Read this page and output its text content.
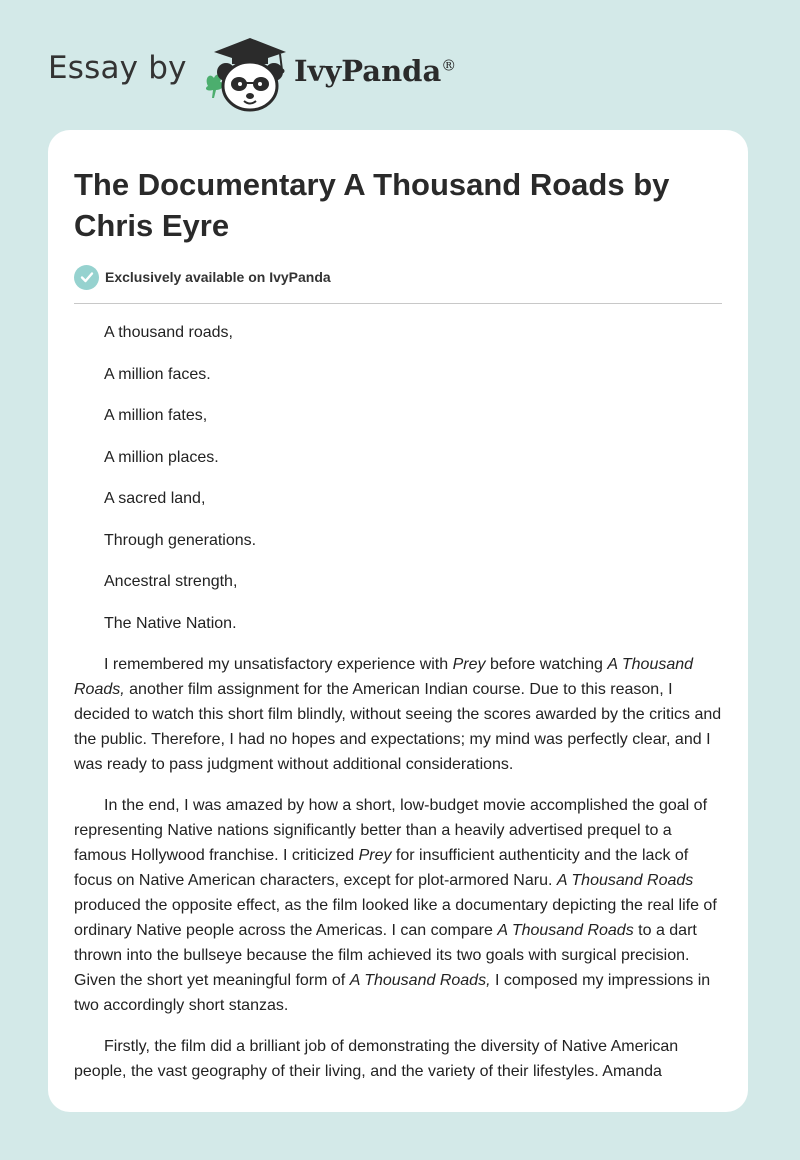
Essay by	IvyPanda®
The Documentary A Thousand Roads by Chris Eyre
Exclusively available on IvyPanda

A thousand roads,

A million faces.

A million fates,

A million places.

A sacred land,

Through generations.

Ancestral strength,

The Native Nation.

I remembered my unsatisfactory experience with Prey before watching A Thousand Roads, another film assignment for the American Indian course. Due to this reason, I decided to watch this short film blindly, without seeing the scores awarded by the critics and the public. Therefore, I had no hopes and expectations; my mind was perfectly clear, and I was ready to pass judgment without additional considerations.

In the end, I was amazed by how a short, low-budget movie accomplished the goal of representing Native nations significantly better than a heavily advertised prequel to a famous Hollywood franchise. I criticized Prey for insufficient authenticity and the lack of focus on Native American characters, except for plot-armored Naru. A Thousand Roads produced the opposite effect, as the film looked like a documentary depicting the real life of ordinary Native people across the Americas. I can compare A Thousand Roads to a dart thrown into the bullseye because the film achieved its two goals with surgical precision. Given the short yet meaningful form of A Thousand Roads, I composed my impressions in two accordingly short stanzas.

Firstly, the film did a brilliant job of demonstrating the diversity of Native American people, the vast geography of their living, and the variety of their lifestyles. Amanda
